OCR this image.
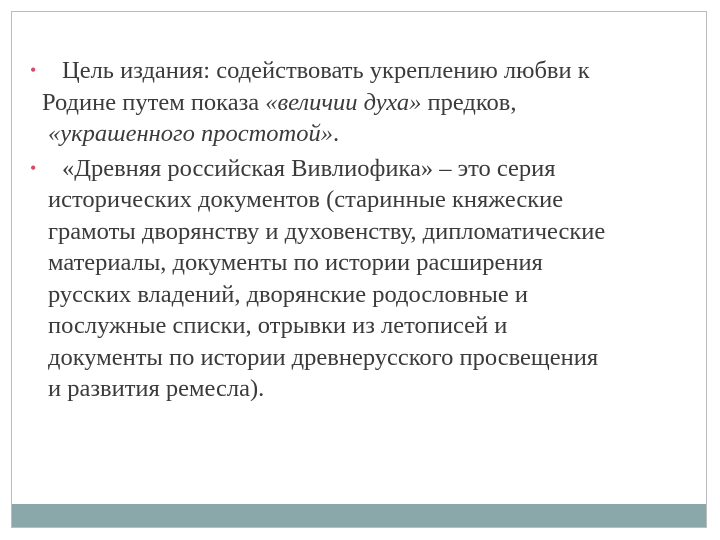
• Цель издания: содействовать укреплению любви к
Родине путем показа «величии духа» предков,
«украшенного простотой».
• «Древняя российская Вивлиофика» – это серия
исторических документов (старинные княжеские
грамоты дворянству и духовенству, дипломатические
материалы, документы по истории расширения
русских владений, дворянские родословные и
послужные списки, отрывки из летописей и
документы по истории древнерусского просвещения
и развития ремесла).
